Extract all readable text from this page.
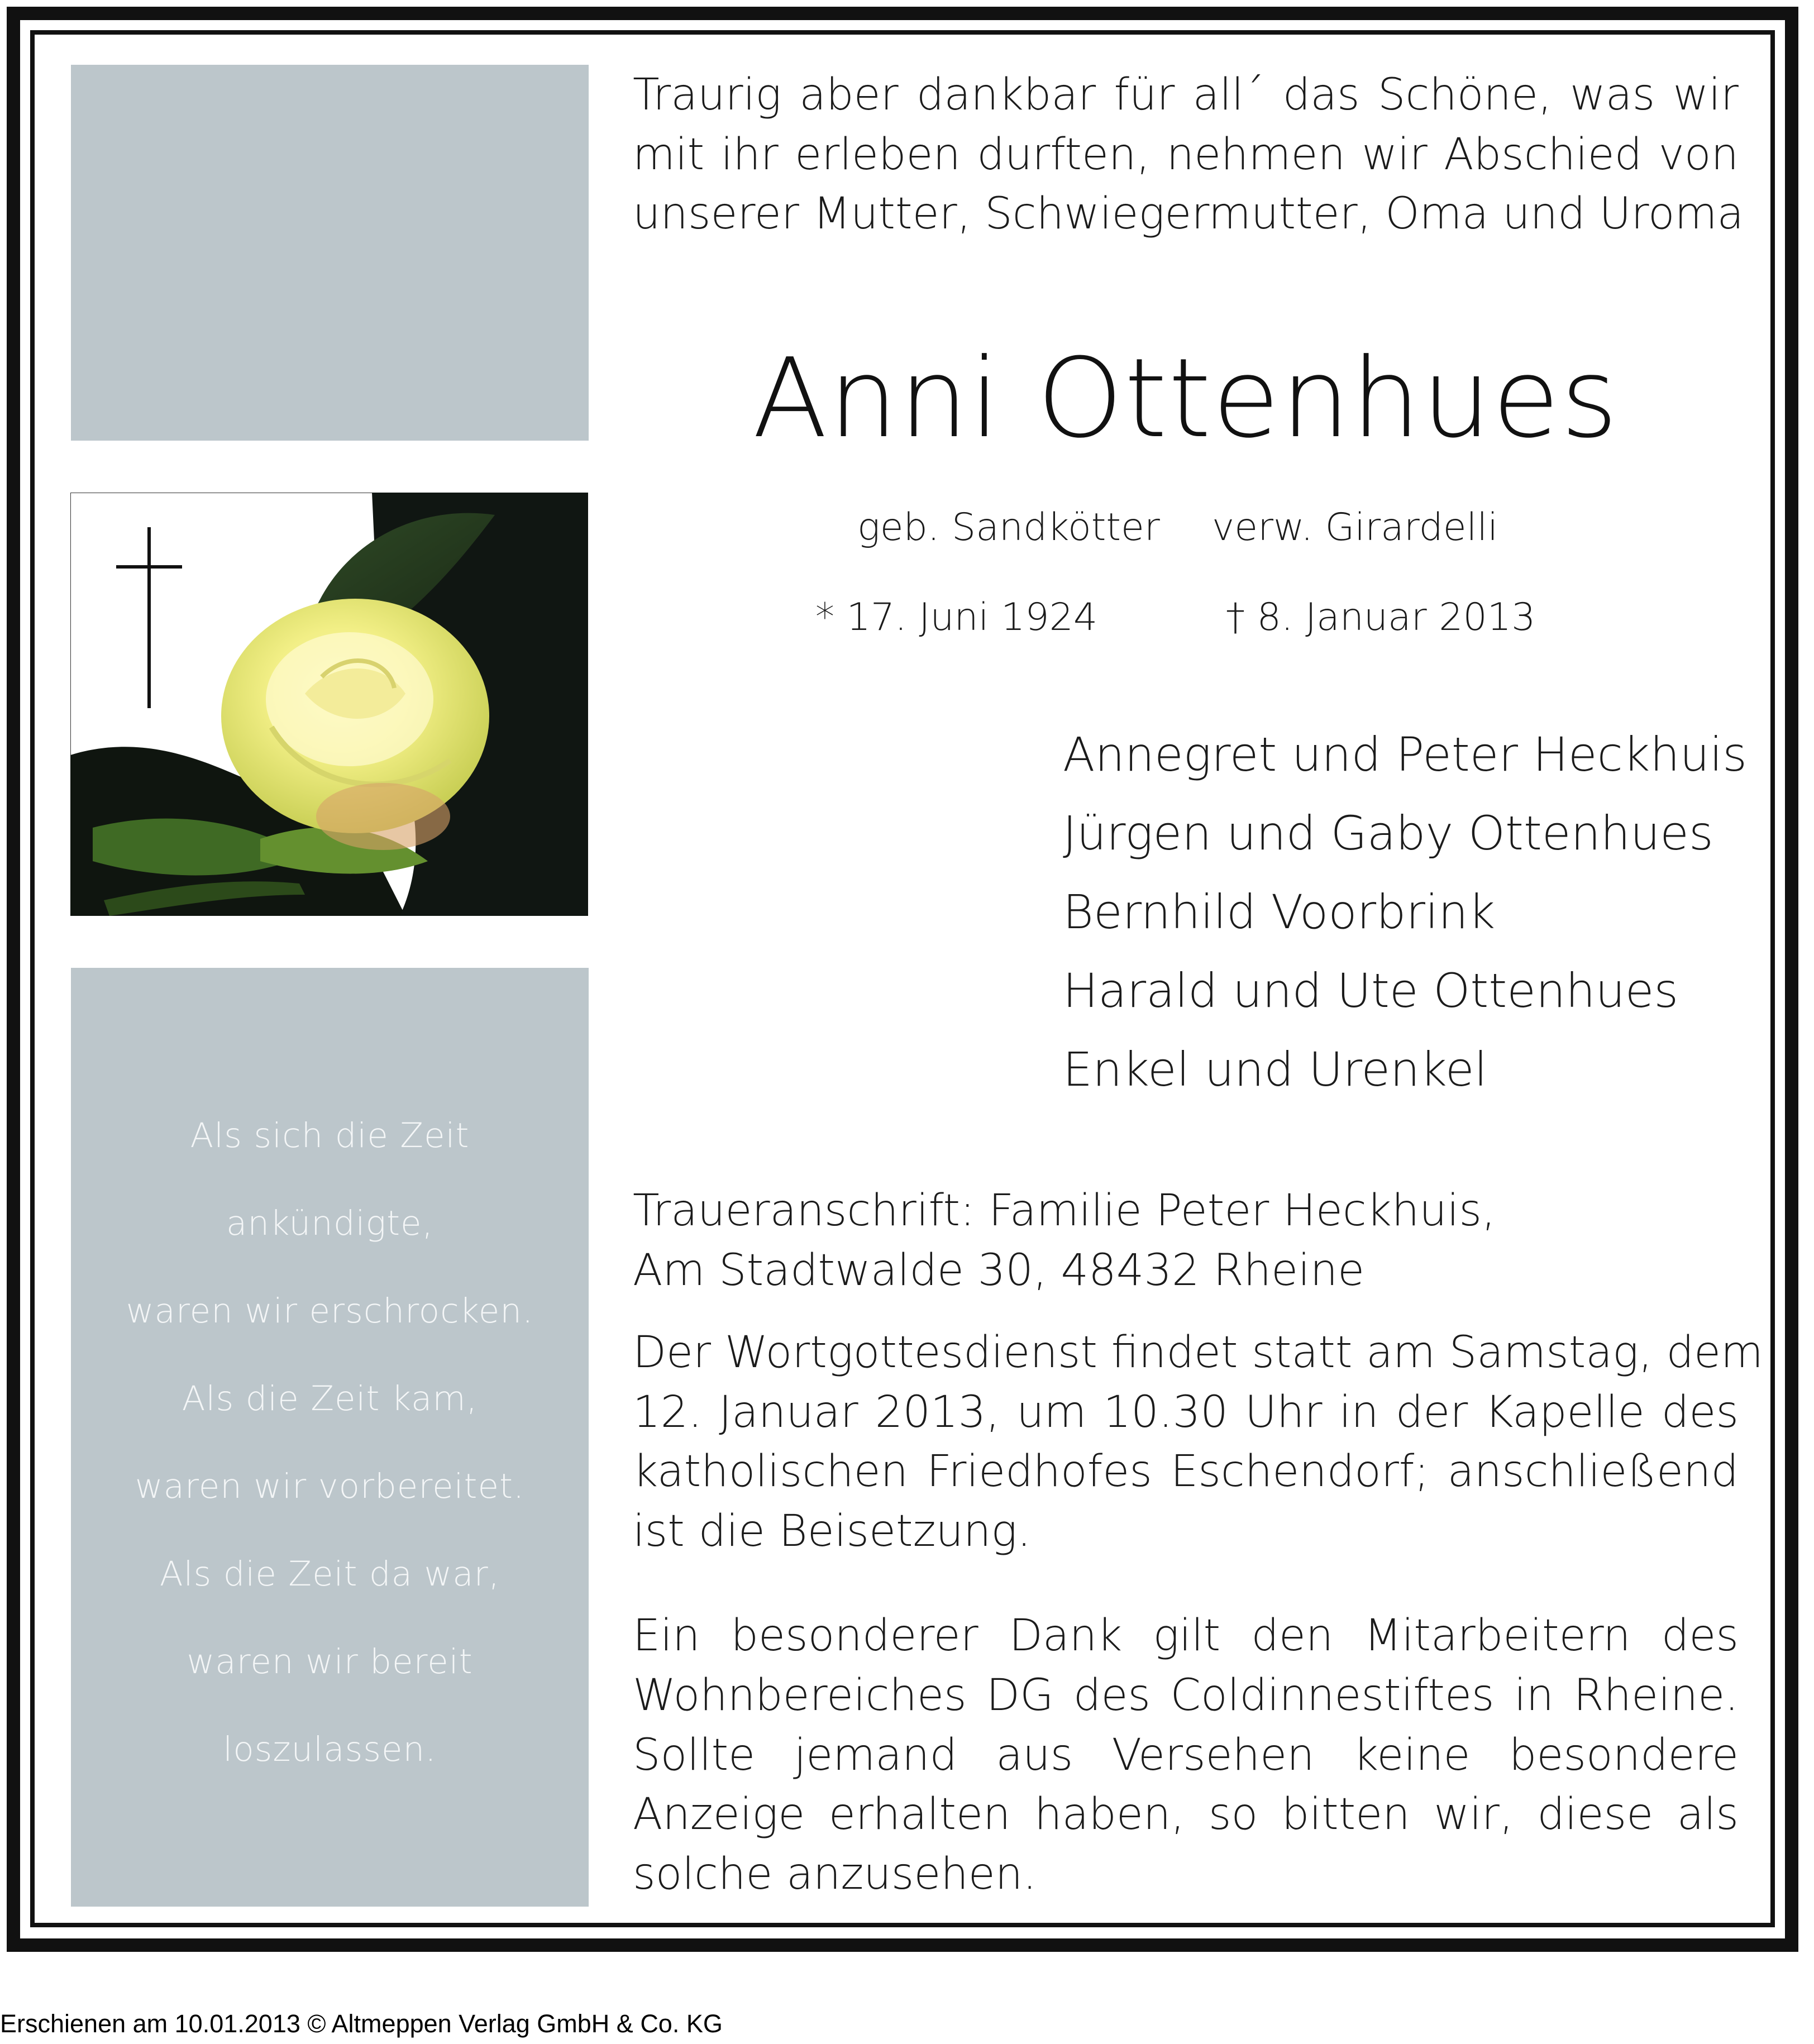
Als sich die Zeit
ankündigte,
waren wir erschrocken.
Als die Zeit kam,
waren wir vorbereitet.
Als die Zeit da war,
waren wir bereit
loszulassen.
Traurig aber dankbar für all´ das Schöne, was wir
mit ihr erleben durften, nehmen wir Abschied von
unserer Mutter, Schwiegermutter, Oma und Uroma
Anni Ottenhues
geb. Sandkötter verw. Girardelli
* 17. Juni 1924	† 8. Januar 2013
Annegret und Peter Heckhuis
Jürgen und Gaby Ottenhues
Bernhild Voorbrink
Harald und Ute Ottenhues
Enkel und Urenkel
Traueranschrift: Familie Peter Heckhuis,
Am Stadtwalde 30, 48432 Rheine
Der Wortgottesdienst findet statt am Samstag, dem
12. Januar 2013, um 10.30 Uhr in der Kapelle des
katholischen Friedhofes Eschendorf; anschließend
ist die Beisetzung.
Ein besonderer Dank gilt den Mitarbeitern des
Wohnbereiches DG des Coldinnestiftes in Rheine.
Sollte jemand aus Versehen keine besondere
Anzeige erhalten haben, so bitten wir, diese als
solche anzusehen.
Erschienen am 10.01.2013 © Altmeppen Verlag GmbH & Co. KG
